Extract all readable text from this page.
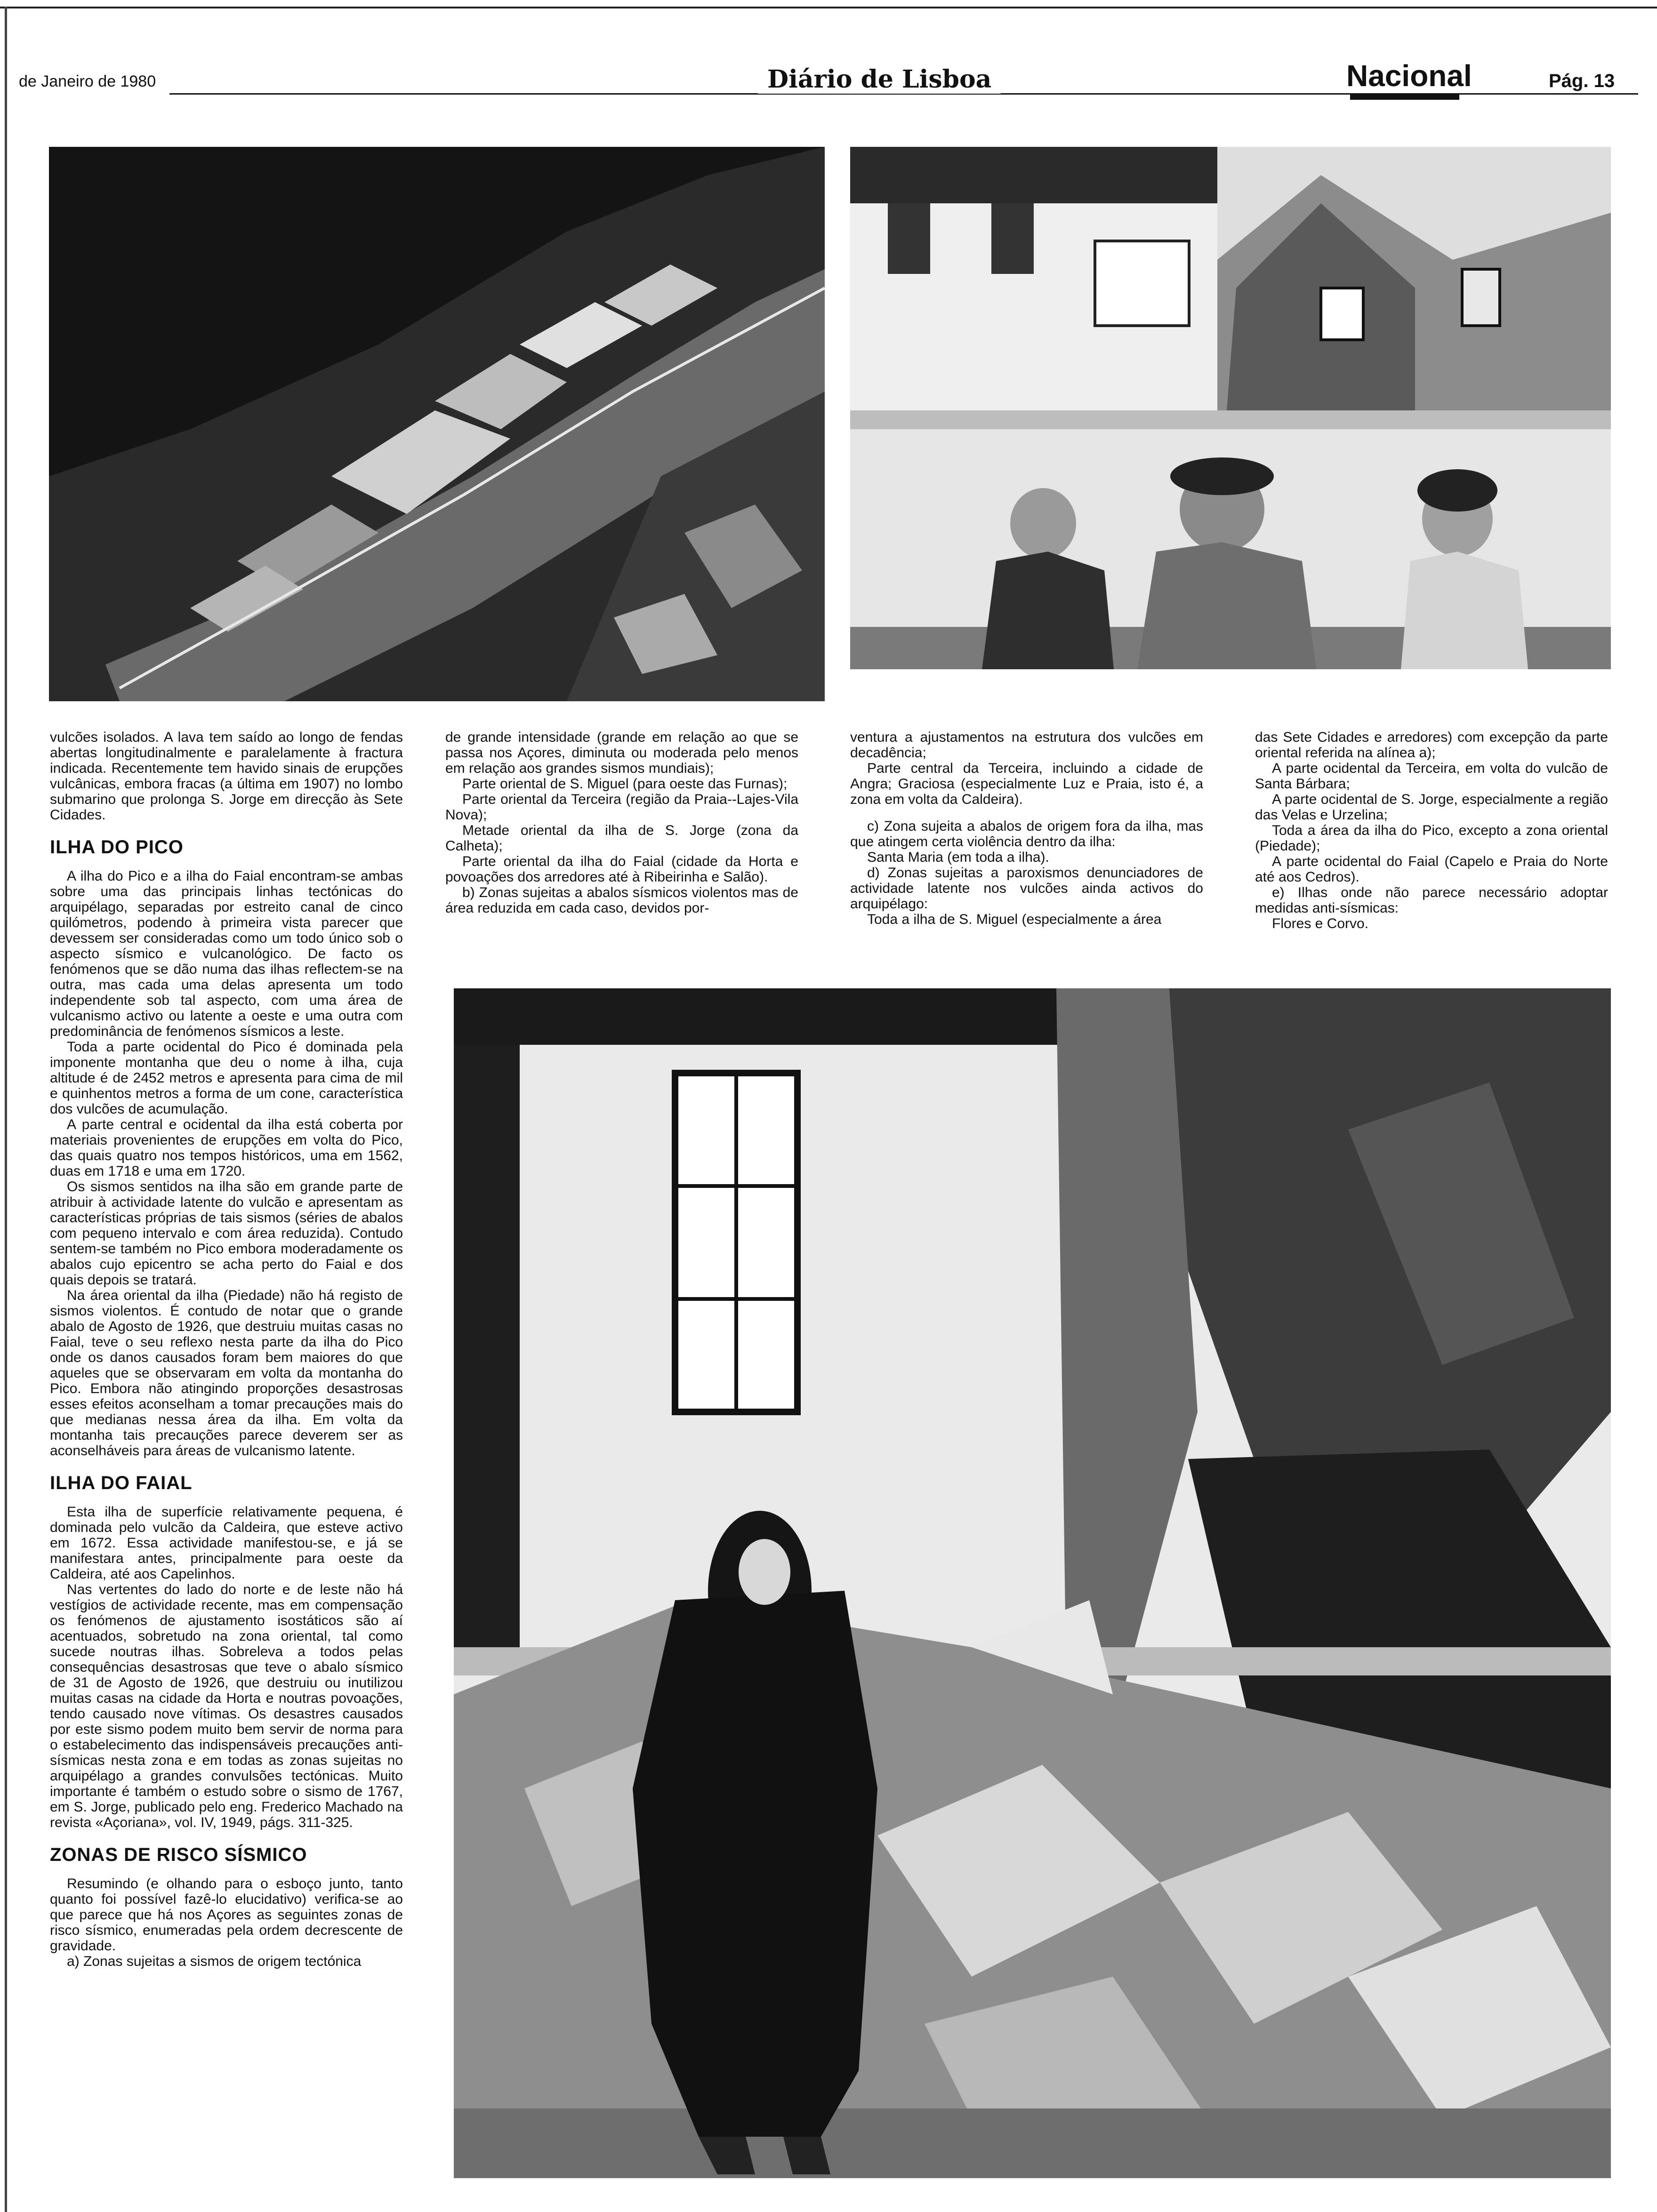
de Janeiro de 1980	Diário de Lisboa	Nacional	Pág. 13

vulcões isolados. A lava tem saído ao longo de fendas abertas longitudinalmente e paralelamente à fractura indicada. Recentemente tem havido sinais de erupções vulcânicas, embora fracas (a última em 1907) no lombo submarino que prolonga S. Jorge em direcção às Sete Cidades.

ILHA DO PICO

A ilha do Pico e a ilha do Faial encontram-se ambas sobre uma das principais linhas tectónicas do arquipélago, separadas por estreito canal de cinco quilómetros, podendo à primeira vista parecer que devessem ser consideradas como um todo único sob o aspecto sísmico e vulcanológico. De facto os fenómenos que se dão numa das ilhas reflectem-se na outra, mas cada uma delas apresenta um todo independente sob tal aspecto, com uma área de vulcanismo activo ou latente a oeste e uma outra com predominância de fenómenos sísmicos a leste.

Toda a parte ocidental do Pico é dominada pela imponente montanha que deu o nome à ilha, cuja altitude é de 2452 metros e apresenta para cima de mil e quinhentos metros a forma de um cone, característica dos vulcões de acumulação.

A parte central e ocidental da ilha está coberta por materiais provenientes de erupções em volta do Pico, das quais quatro nos tempos históricos, uma em 1562, duas em 1718 e uma em 1720.

Os sismos sentidos na ilha são em grande parte de atribuir à actividade latente do vulcão e apresentam as características próprias de tais sismos (séries de abalos com pequeno intervalo e com área reduzida). Contudo sentem-se também no Pico embora moderadamente os abalos cujo epicentro se acha perto do Faial e dos quais depois se tratará.

Na área oriental da ilha (Piedade) não há registo de sismos violentos. É contudo de notar que o grande abalo de Agosto de 1926, que destruiu muitas casas no Faial, teve o seu reflexo nesta parte da ilha do Pico onde os danos causados foram bem maiores do que aqueles que se observaram em volta da montanha do Pico. Embora não atingindo proporções desastrosas esses efeitos aconselham a tomar precauções mais do que medianas nessa área da ilha. Em volta da montanha tais precauções parece deverem ser as aconselháveis para áreas de vulcanismo latente.

ILHA DO FAIAL

Esta ilha de superfície relativamente pequena, é dominada pelo vulcão da Caldeira, que esteve activo em 1672. Essa actividade manifestou-se, e já se manifestara antes, principalmente para oeste da Caldeira, até aos Capelinhos.

Nas vertentes do lado do norte e de leste não há vestígios de actividade recente, mas em compensação os fenómenos de ajustamento isostáticos são aí acentuados, sobretudo na zona oriental, tal como sucede noutras ilhas. Sobreleva a todos pelas consequências desastrosas que teve o abalo sísmico de 31 de Agosto de 1926, que destruiu ou inutilizou muitas casas na cidade da Horta e noutras povoações, tendo causado nove vítimas. Os desastres causados por este sismo podem muito bem servir de norma para o estabelecimento das indispensáveis precauções anti-sísmicas nesta zona e em todas as zonas sujeitas no arquipélago a grandes convulsões tectónicas. Muito importante é também o estudo sobre o sismo de 1767, em S. Jorge, publicado pelo eng. Frederico Machado na revista «Açoriana», vol. IV, 1949, págs. 311-325.

ZONAS DE RISCO SÍSMICO

Resumindo (e olhando para o esboço junto, tanto quanto foi possível fazê-lo elucidativo) verifica-se ao que parece que há nos Açores as seguintes zonas de risco sísmico, enumeradas pela ordem decrescente de gravidade.

a) Zonas sujeitas a sismos de origem tectónica

de grande intensidade (grande em relação ao que se passa nos Açores, diminuta ou moderada pelo menos em relação aos grandes sismos mundiais);

Parte oriental de S. Miguel (para oeste das Furnas);

Parte oriental da Terceira (região da Praia--Lajes-Vila Nova);

Metade oriental da ilha de S. Jorge (zona da Calheta);

Parte oriental da ilha do Faial (cidade da Horta e povoações dos arredores até à Ribeirinha e Salão).

b) Zonas sujeitas a abalos sísmicos violentos mas de área reduzida em cada caso, devidos por-

ventura a ajustamentos na estrutura dos vulcões em decadência;

Parte central da Terceira, incluindo a cidade de Angra; Graciosa (especialmente Luz e Praia, isto é, a zona em volta da Caldeira).

c) Zona sujeita a abalos de origem fora da ilha, mas que atingem certa violência dentro da ilha:

Santa Maria (em toda a ilha).

d) Zonas sujeitas a paroxismos denunciadores de actividade latente nos vulcões ainda activos do arquipélago:

Toda a ilha de S. Miguel (especialmente a área

das Sete Cidades e arredores) com excepção da parte oriental referida na alínea a);

A parte ocidental da Terceira, em volta do vulcão de Santa Bárbara;

A parte ocidental de S. Jorge, especialmente a região das Velas e Urzelina;

Toda a área da ilha do Pico, excepto a zona oriental (Piedade);

A parte ocidental do Faial (Capelo e Praia do Norte até aos Cedros).

e) Ilhas onde não parece necessário adoptar medidas anti-sísmicas:

Flores e Corvo.
